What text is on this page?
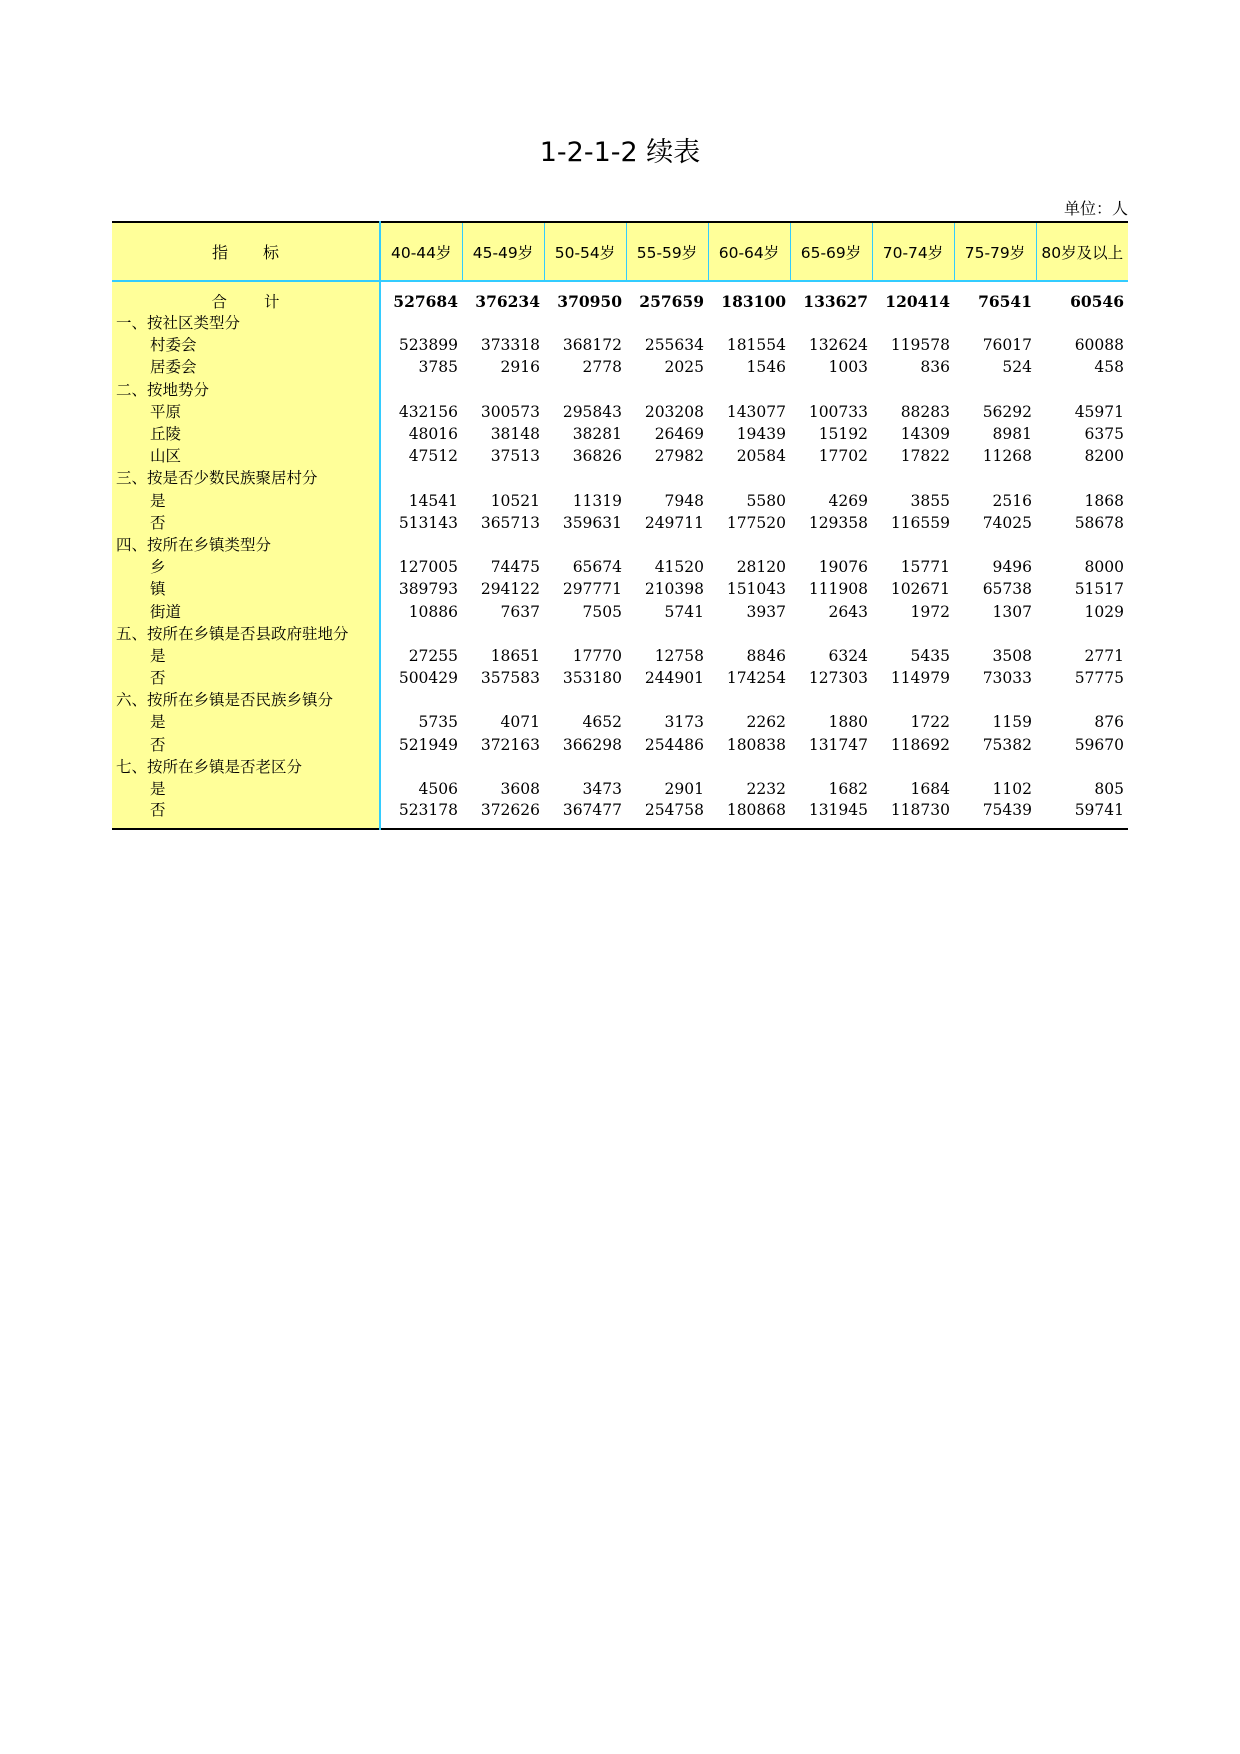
1-2-1-2 续表
单位：人
指 标	40-44岁	45-49岁	50-54岁	55-59岁	60-64岁	65-69岁	70-74岁	75-79岁	80岁及以上
合 计	527684	376234	370950	257659	183100	133627	120414	76541	60546
一、按社区类型分									
村委会	523899	373318	368172	255634	181554	132624	119578	76017	60088
居委会	3785	2916	2778	2025	1546	1003	836	524	458
二、按地势分									
平原	432156	300573	295843	203208	143077	100733	88283	56292	45971
丘陵	48016	38148	38281	26469	19439	15192	14309	8981	6375
山区	47512	37513	36826	27982	20584	17702	17822	11268	8200
三、按是否少数民族聚居村分									
是	14541	10521	11319	7948	5580	4269	3855	2516	1868
否	513143	365713	359631	249711	177520	129358	116559	74025	58678
四、按所在乡镇类型分									
乡	127005	74475	65674	41520	28120	19076	15771	9496	8000
镇	389793	294122	297771	210398	151043	111908	102671	65738	51517
街道	10886	7637	7505	5741	3937	2643	1972	1307	1029
五、按所在乡镇是否县政府驻地分									
是	27255	18651	17770	12758	8846	6324	5435	3508	2771
否	500429	357583	353180	244901	174254	127303	114979	73033	57775
六、按所在乡镇是否民族乡镇分									
是	5735	4071	4652	3173	2262	1880	1722	1159	876
否	521949	372163	366298	254486	180838	131747	118692	75382	59670
七、按所在乡镇是否老区分									
是	4506	3608	3473	2901	2232	1682	1684	1102	805
否	523178	372626	367477	254758	180868	131945	118730	75439	59741
